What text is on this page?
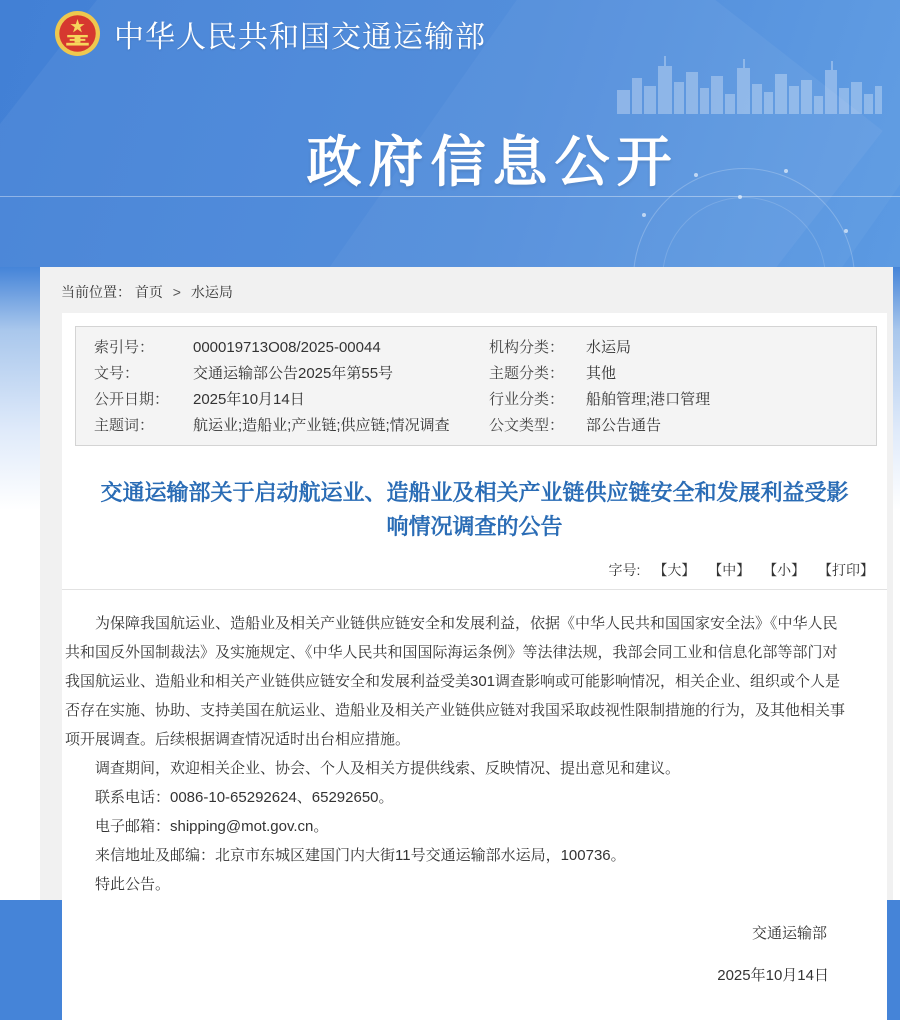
中华人民共和国交通运输部
政府信息公开
当前位置： 首页 > 水运局
索引号：	000019713O08/2025-00044	机构分类：	水运局
文号：	交通运输部公告2025年第55号	主题分类：	其他
公开日期：	2025年10月14日	行业分类：	船舶管理;港口管理
主题词：	航运业;造船业;产业链;供应链;情况调查	公文类型：	部公告通告
交通运输部关于启动航运业、造船业及相关产业链供应链安全和发展利益受影响情况调查的公告
字号: 【大】 【中】 【小】 【打印】

为保障我国航运业、造船业及相关产业链供应链安全和发展利益，依据《中华人民共和国国家安全法》《中华人民共和国反外国制裁法》及实施规定、《中华人民共和国国际海运条例》等法律法规，我部会同工业和信息化部等部门对我国航运业、造船业和相关产业链供应链安全和发展利益受美301调查影响或可能影响情况，相关企业、组织或个人是否存在实施、协助、支持美国在航运业、造船业及相关产业链供应链对我国采取歧视性限制措施的行为，及其他相关事项开展调查。后续根据调查情况适时出台相应措施。

调查期间，欢迎相关企业、协会、个人及相关方提供线索、反映情况、提出意见和建议。

联系电话：0086-10-65292624、65292650。

电子邮箱：shipping@mot.gov.cn。

来信地址及邮编：北京市东城区建国门内大街11号交通运输部水运局，100736。

特此公告。

交通运输部

2025年10月14日
